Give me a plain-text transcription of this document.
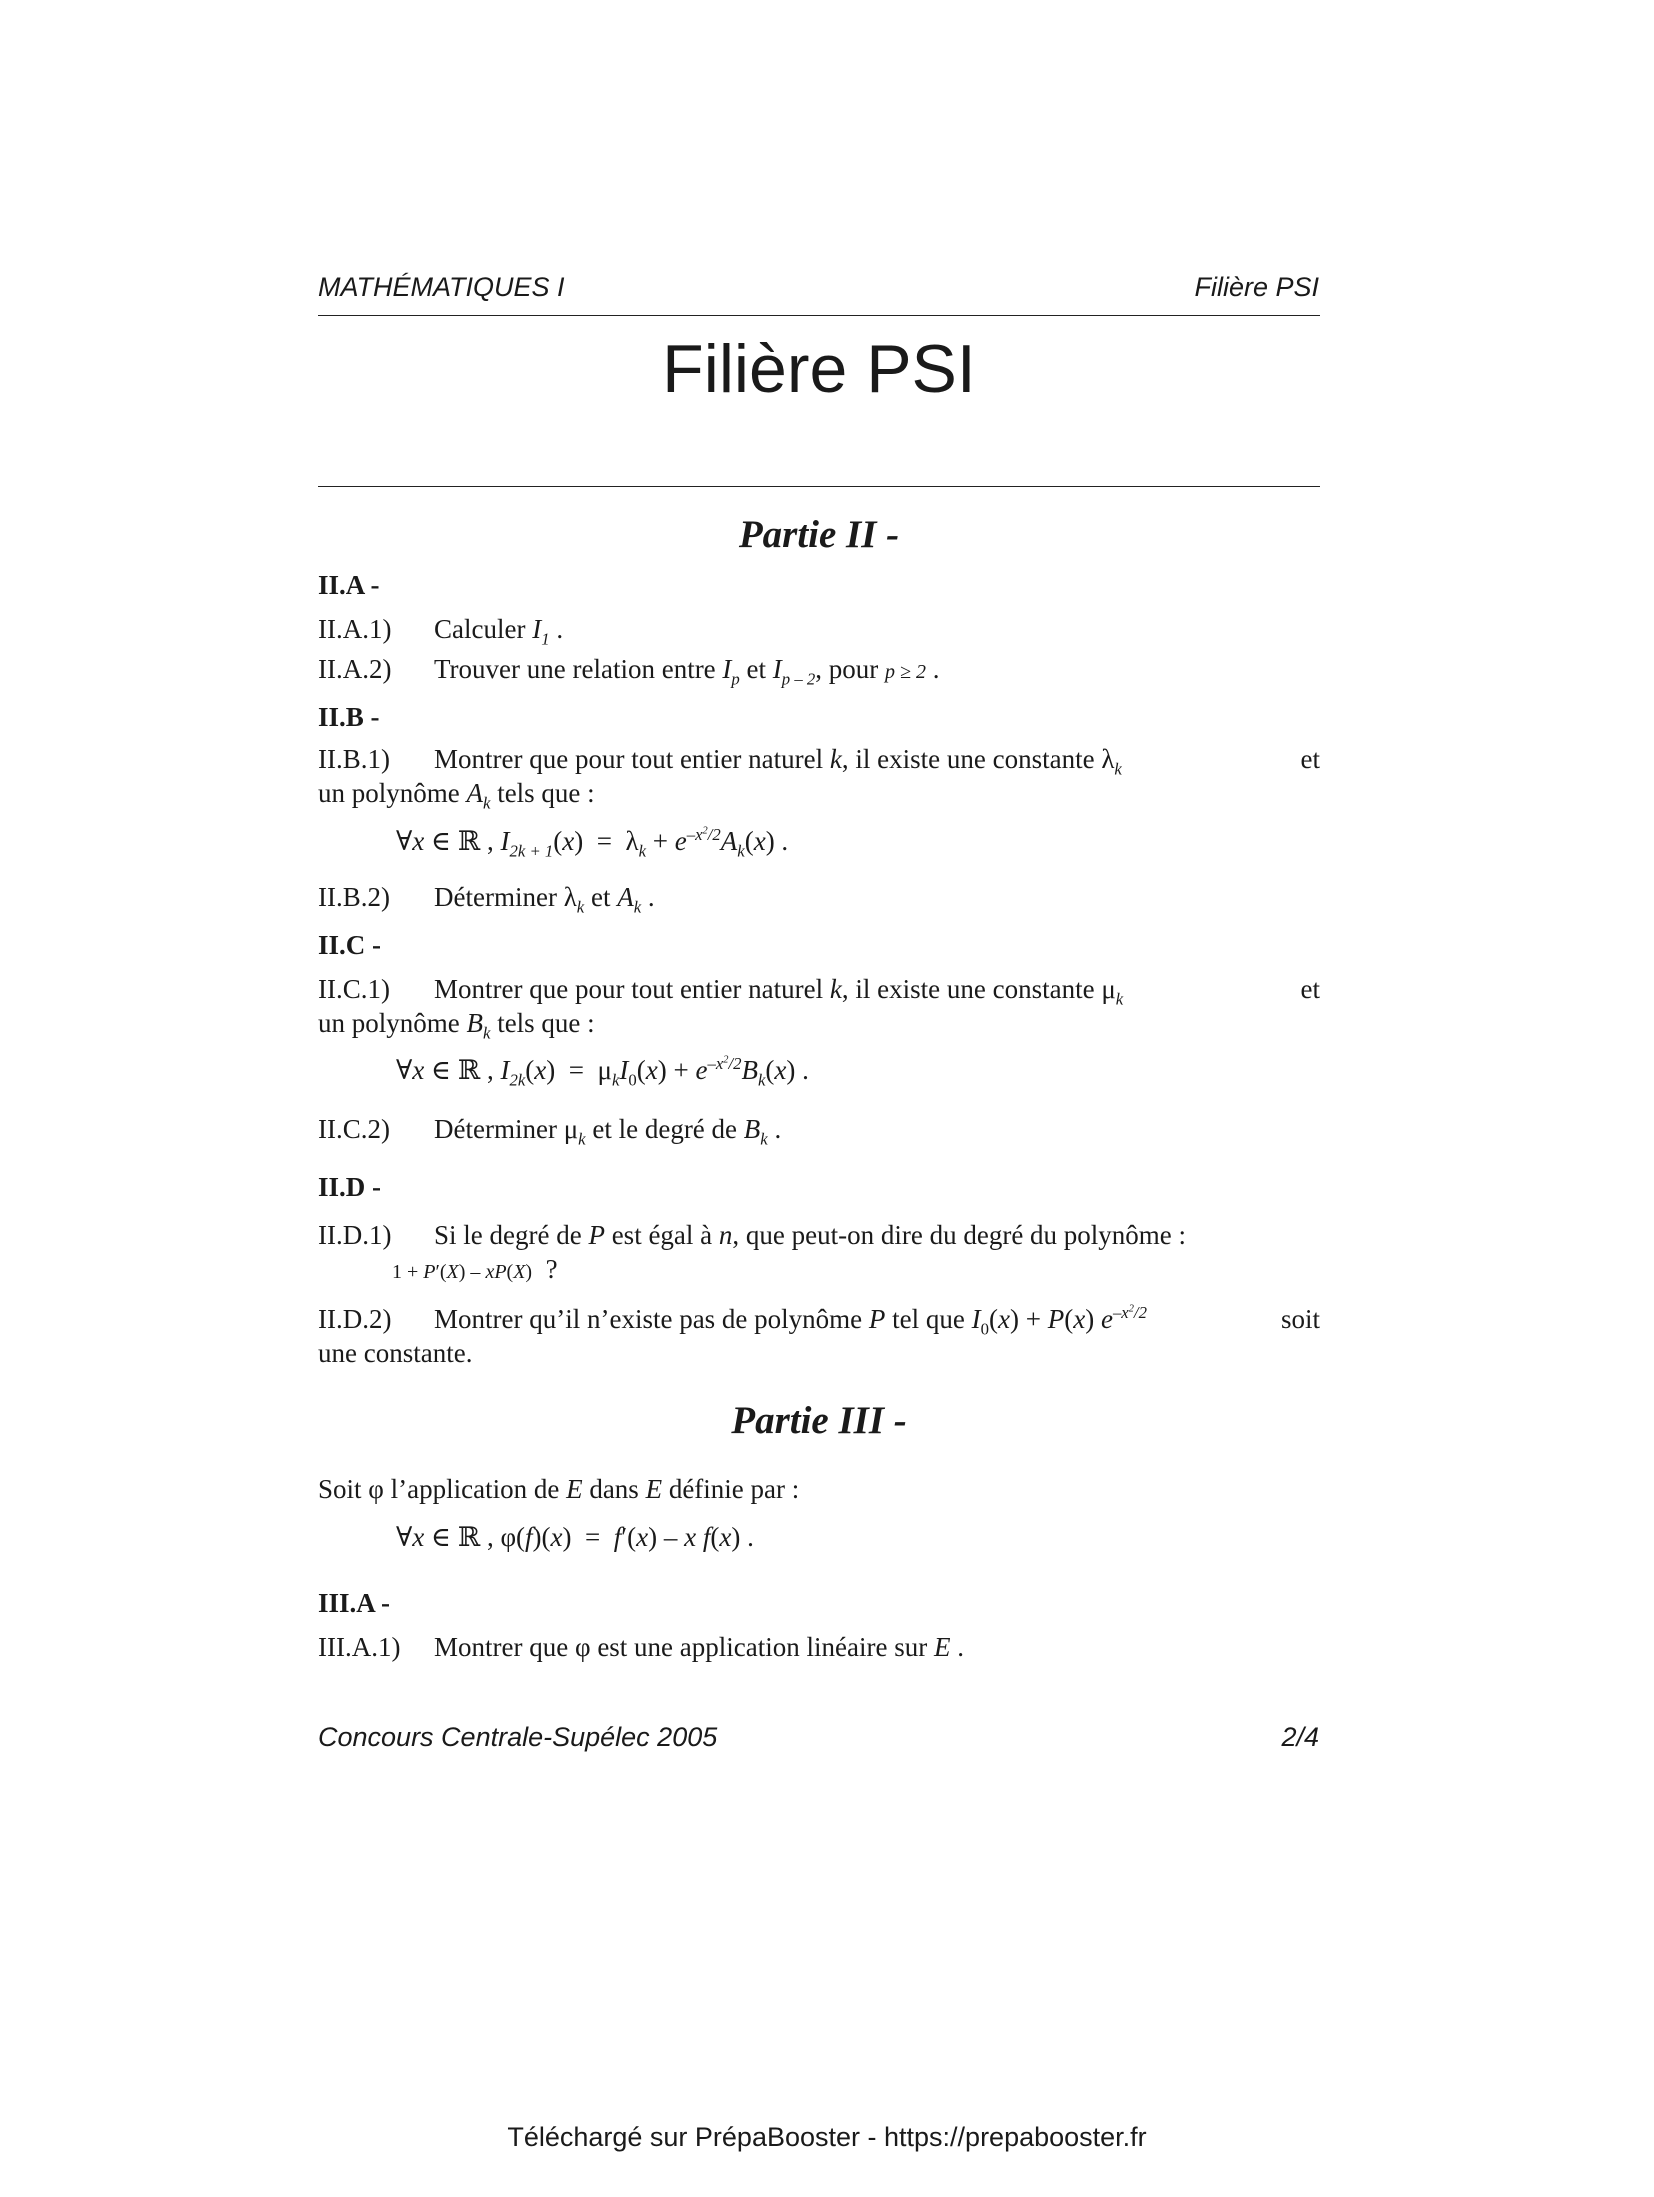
MATHÉMATIQUES I	Filière PSI
Filière PSI
Partie II -
II.A -
II.A.1) Calculer $I_1$ .
II.A.2) Trouver une relation entre $I_p$ et $I_{p - 2}$, pour p ≥ 2 .
II.B -
II.B.1) Montrer que pour tout entier naturel k, il existe une constante $\lambda_k$	et
un polynôme $A_k$ tels que :
∀x ∈ ℝ , $I_{2k + 1}(x) = \lambda_k + e^{-x^2/2}A_k(x)$ .
II.B.2) Déterminer $\lambda_k$ et $A_k$ .
II.C -
II.C.1) Montrer que pour tout entier naturel k, il existe une constante $\mu_k$	et
un polynôme $B_k$ tels que :
∀x ∈ ℝ , $I_{2k}(x) = \mu_kI_0(x) + e^{-x^2/2}B_k(x)$ .
II.C.2) Déterminer $\mu_k$ et le degré de $B_k$ .
II.D -
II.D.1) Si le degré de P est égal à n, que peut-on dire du degré du polynôme :
1 + P′(X) – xP(X)  ?
II.D.2) Montrer qu’il n’existe pas de polynôme P tel que $I_0(x) + P(x)$ $e^{-x^2/2}$	soit
une constante.
Partie III -
Soit φ l’application de E dans E définie par :
∀x ∈ ℝ , φ(f)(x)  =  f′(x) – x f(x) .
III.A -
III.A.1) Montrer que φ est une application linéaire sur E .
Concours Centrale-Supélec 2005	2/4
Téléchargé sur PrépaBooster - https://prepabooster.fr
